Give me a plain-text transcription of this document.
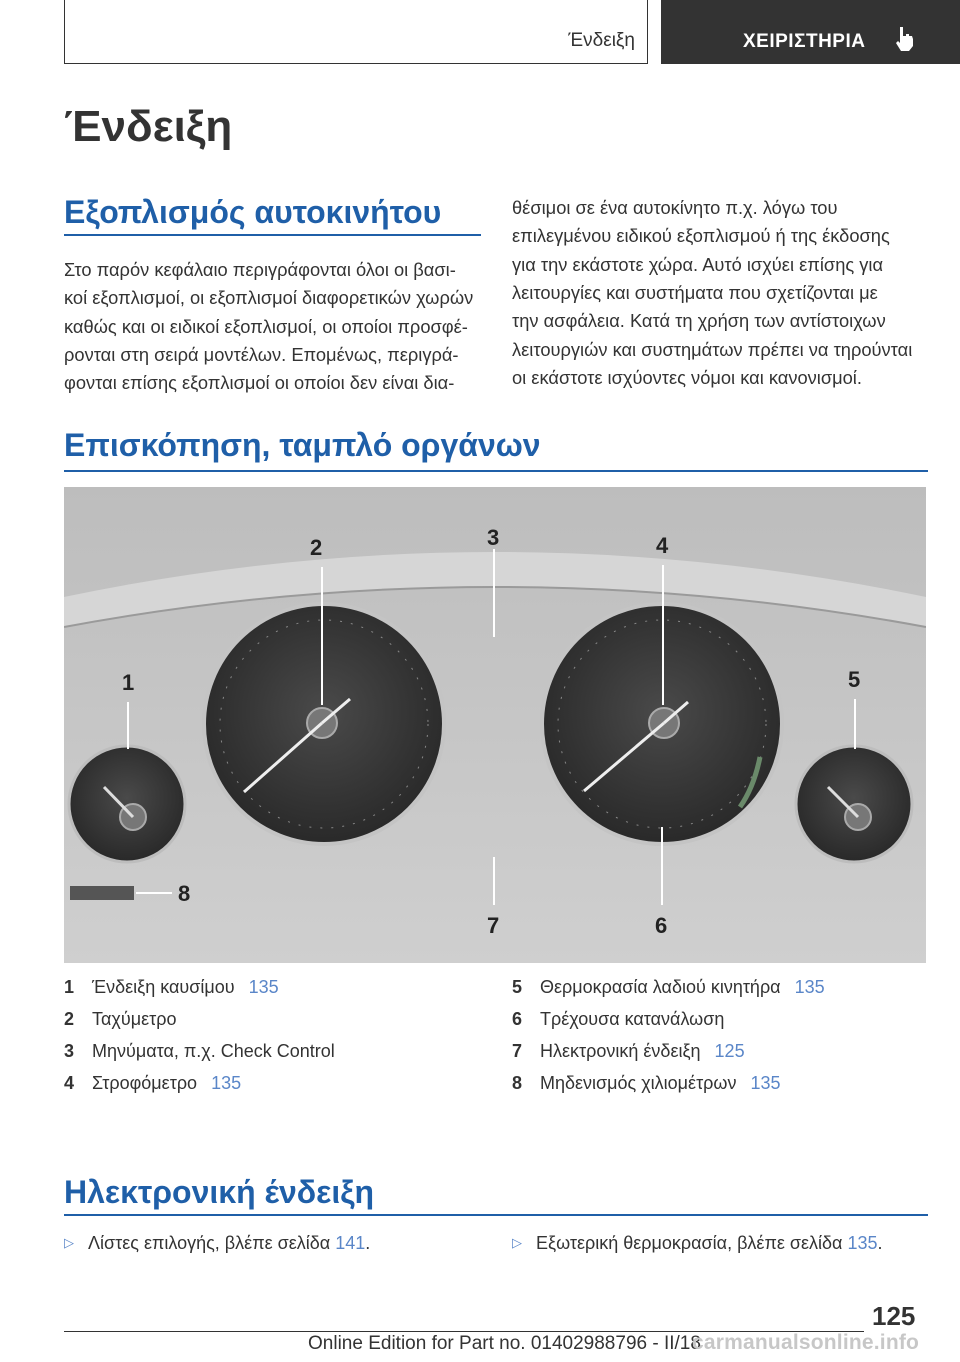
Ένδειξη	ΧΕΙΡΙΣΤΗΡΙΑ
Ένδειξη
Εξοπλισμός αυτοκινήτου
Στο παρόν κεφάλαιο περιγράφονται όλοι οι βασι‐
κοί εξοπλισμοί, οι εξοπλισμοί διαφορετικών χωρών
καθώς και οι ειδικοί εξοπλισμοί, οι οποίοι προσφέ‐
ρονται στη σειρά μοντέλων. Επομένως, περιγρά‐
φονται επίσης εξοπλισμοί οι οποίοι δεν είναι δια‐
θέσιμοι σε ένα αυτοκίνητο π.χ. λόγω του
επιλεγμένου ειδικού εξοπλισμού ή της έκδοσης
για την εκάστοτε χώρα. Αυτό ισχύει επίσης για
λειτουργίες και συστήματα που σχετίζονται με
την ασφάλεια. Κατά τη χρήση των αντίστοιχων
λειτουργιών και συστημάτων πρέπει να τηρούνται
οι εκάστοτε ισχύοντες νόμοι και κανονισμοί.
Επισκόπηση, ταμπλό οργάνων
1
2	3	4
5
6
7
8
1 Ένδειξη καυσίμου 135
2 Ταχύμετρο
3 Μηνύματα, π.χ. Check Control
4 Στροφόμετρο 135
5 Θερμοκρασία λαδιού κινητήρα 135
6 Τρέχουσα κατανάλωση
7 Ηλεκτρονική ένδειξη 125
8 Μηδενισμός χιλιομέτρων 135
Ηλεκτρονική ένδειξη
▷ Λίστες επιλογής, βλέπε σελίδα 141.	▷ Εξωτερική θερμοκρασία, βλέπε σελίδα 135.
125
Online Edition for Part no. 01402988796 - II/18
carmanualsonline.info
